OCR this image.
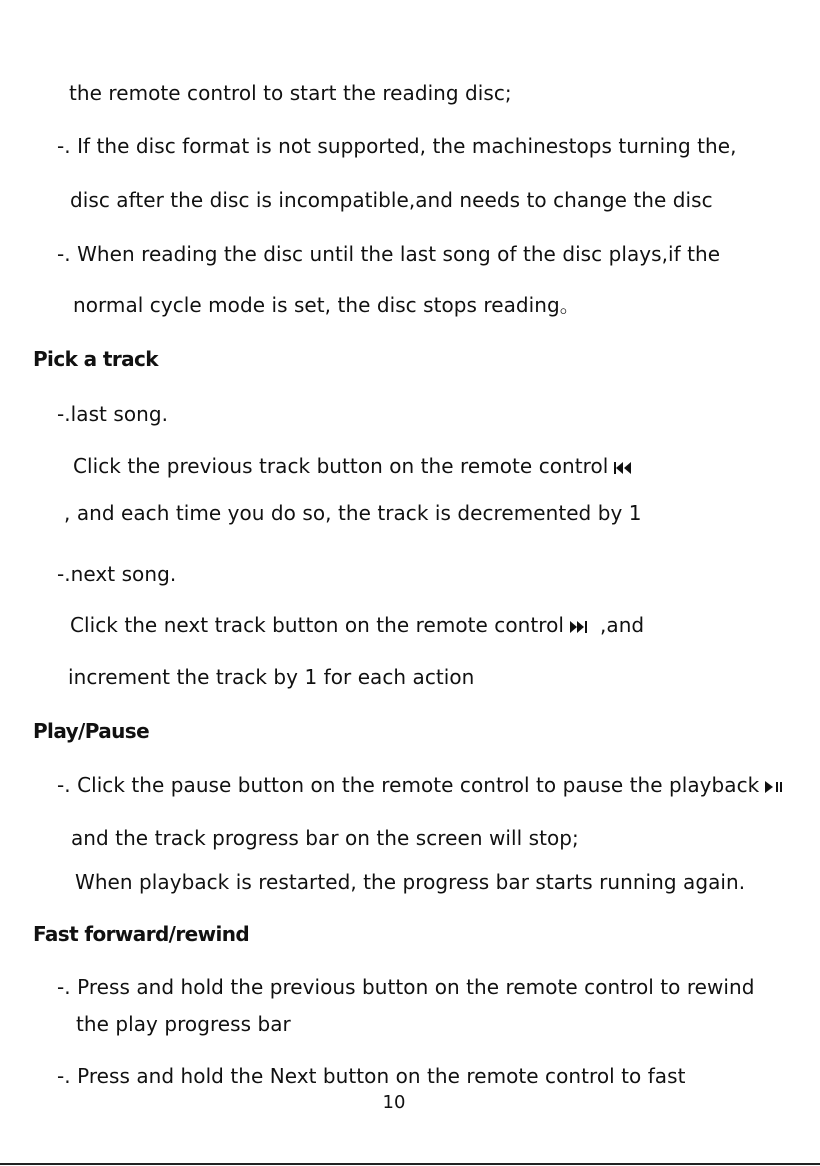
the remote control to start the reading disc;
-. If the disc format is not supported, the machinestops turning the,
disc after the disc is incompatible,and needs to change the disc
-. When reading the disc until the last song of the disc plays,if the
normal cycle mode is set, the disc stops reading。
Pick a track
-.last song.
Click the previous track button on the remote control
, and each time you do so, the track is decremented by 1
-.next song.
Click the next track button on the remote control ,and
increment the track by 1 for each action
Play/Pause
-. Click the pause button on the remote control to pause the playback
and the track progress bar on the screen will stop;
When playback is restarted, the progress bar starts running again.
Fast forward/rewind
-. Press and hold the previous button on the remote control to rewind
the play progress bar
-. Press and hold the Next button on the remote control to fast
10
